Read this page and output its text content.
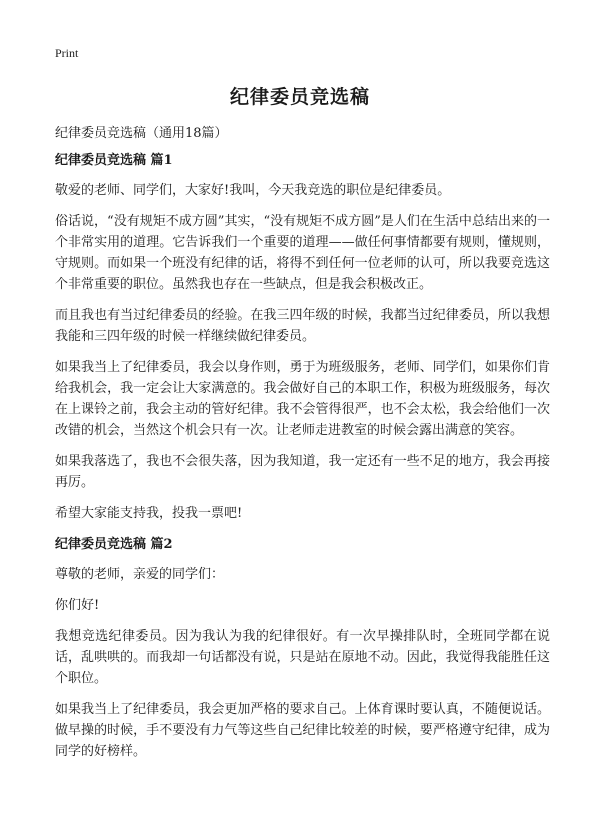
Print
纪律委员竞选稿
纪律委员竞选稿（通用18篇）
纪律委员竞选稿 篇1

敬爱的老师、同学们，大家好!我叫，今天我竞选的职位是纪律委员。

俗话说，“没有规矩不成方圆”其实，“没有规矩不成方圆”是人们在生活中总结出来的一个非常实用的道理。它告诉我们一个重要的道理——做任何事情都要有规则，懂规则，守规则。而如果一个班没有纪律的话，将得不到任何一位老师的认可，所以我要竞选这个非常重要的职位。虽然我也存在一些缺点，但是我会积极改正。

而且我也有当过纪律委员的经验。在我三四年级的时候，我都当过纪律委员，所以我想我能和三四年级的时候一样继续做纪律委员。

如果我当上了纪律委员，我会以身作则，勇于为班级服务，老师、同学们，如果你们肯给我机会，我一定会让大家满意的。我会做好自己的本职工作，积极为班级服务，每次在上课铃之前，我会主动的管好纪律。我不会管得很严，也不会太松，我会给他们一次改错的机会，当然这个机会只有一次。让老师走进教室的时候会露出满意的笑容。

如果我落选了，我也不会很失落，因为我知道，我一定还有一些不足的地方，我会再接再厉。

希望大家能支持我，投我一票吧!

纪律委员竞选稿 篇2

尊敬的老师，亲爱的同学们：

你们好!

我想竞选纪律委员。因为我认为我的纪律很好。有一次早操排队时，全班同学都在说话，乱哄哄的。而我却一句话都没有说，只是站在原地不动。因此，我觉得我能胜任这个职位。

如果我当上了纪律委员，我会更加严格的要求自己。上体育课时要认真，不随便说话。做早操的时候，手不要没有力气等这些自己纪律比较差的时候，要严格遵守纪律，成为同学的好榜样。
